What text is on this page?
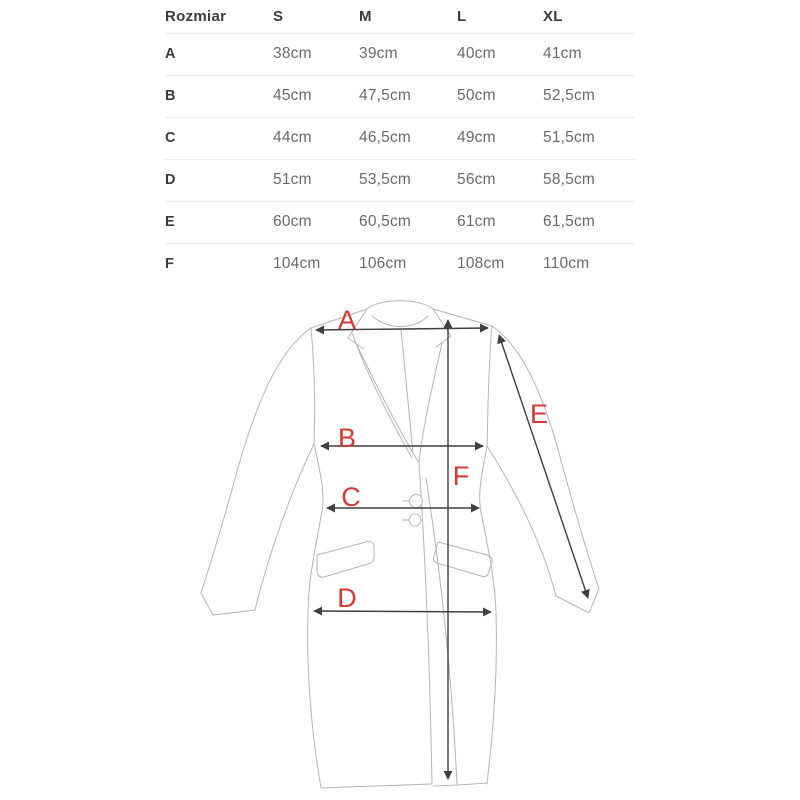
Rozmiar	S	M	L	XL
A	38cm	39cm	40cm	41cm
B	45cm	47,5cm	50cm	52,5cm
C	44cm	46,5cm	49cm	51,5cm
D	51cm	53,5cm	56cm	58,5cm
E	60cm	60,5cm	61cm	61,5cm
F	104cm	106cm	108cm	110cm
A
B
C
D
E
F
